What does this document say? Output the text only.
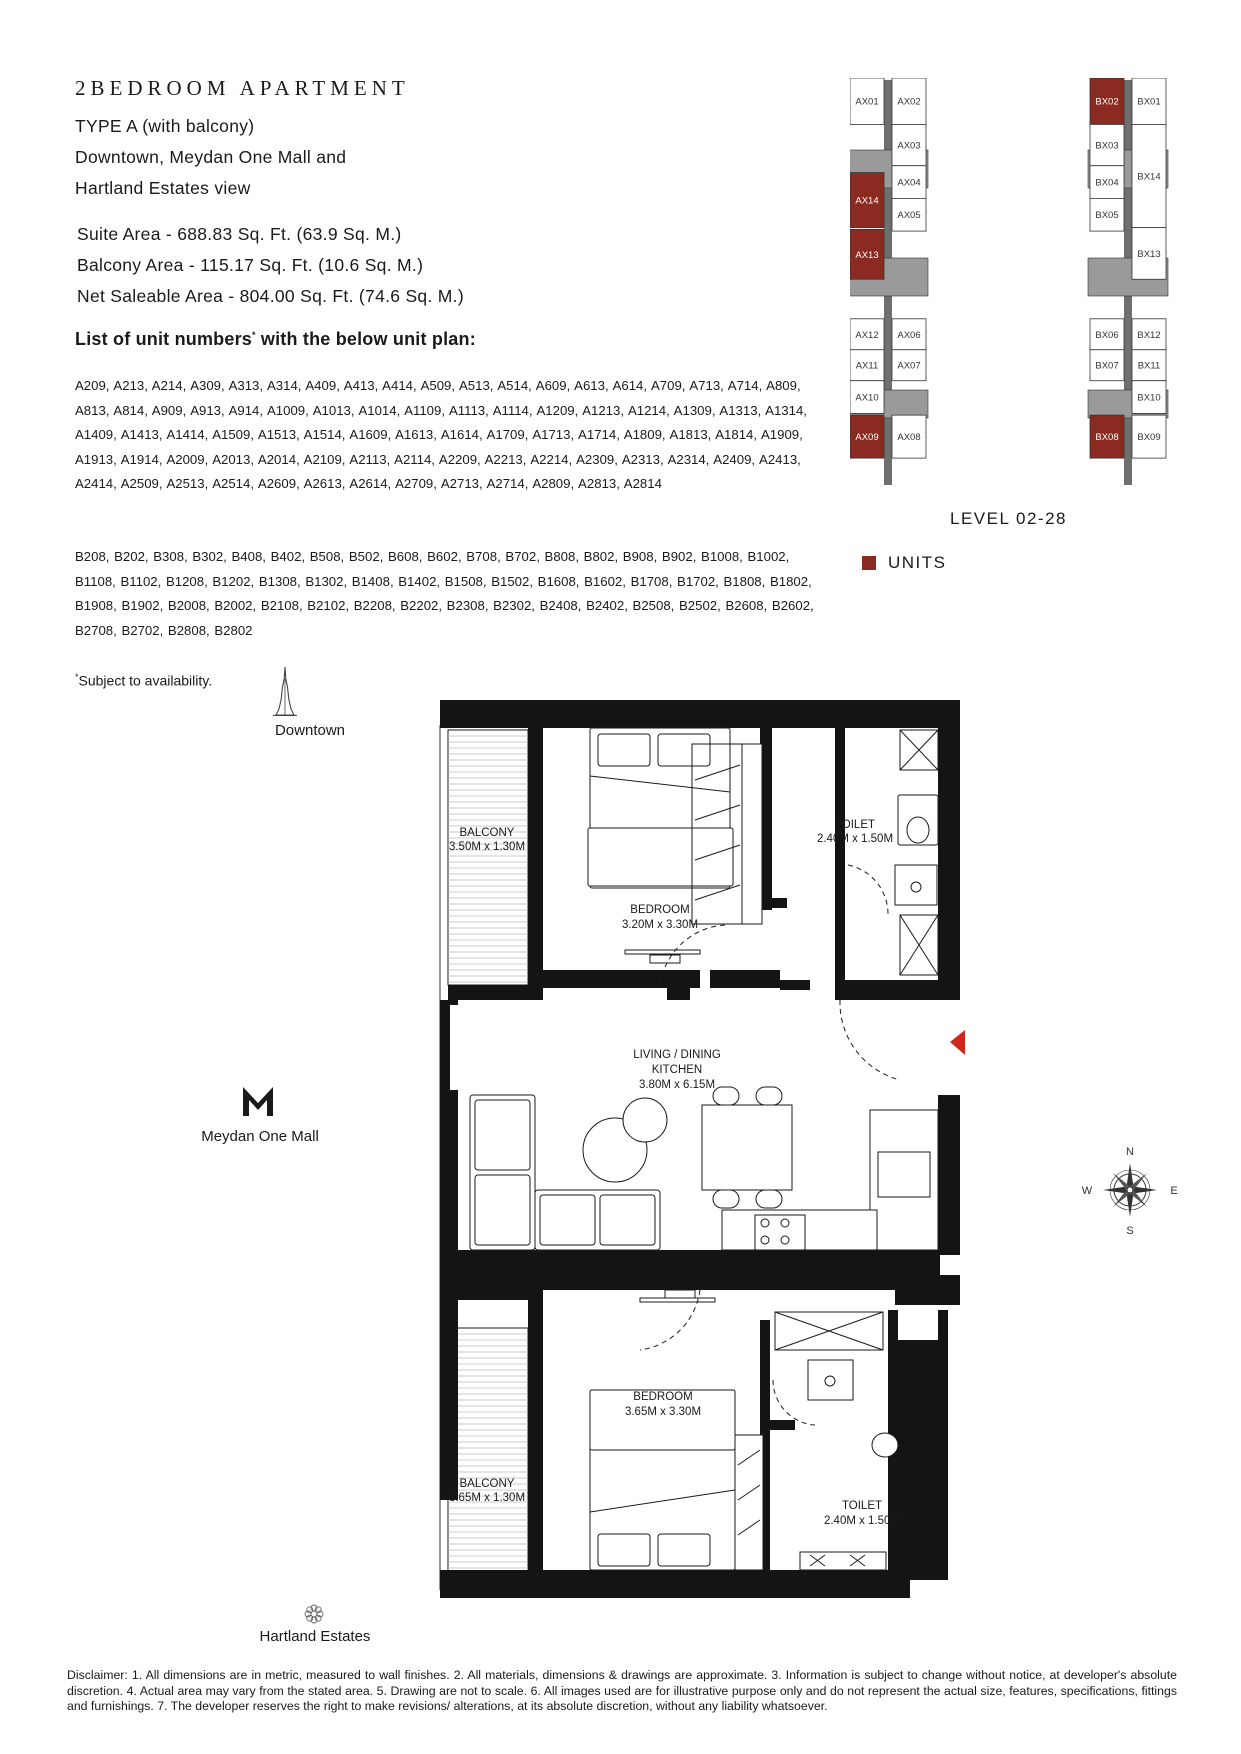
2BEDROOM APARTMENT
TYPE A (with balcony)
Downtown, Meydan One Mall and
Hartland Estates view
Suite Area - 688.83 Sq. Ft. (63.9 Sq. M.)
Balcony Area - 115.17 Sq. Ft. (10.6 Sq. M.)
Net Saleable Area - 804.00 Sq. Ft. (74.6 Sq. M.)
List of unit numbers* with the below unit plan:
A209, A213, A214, A309, A313, A314, A409, A413, A414, A509, A513, A514, A609, A613, A614, A709, A713, A714, A809, A813, A814, A909, A913, A914, A1009, A1013, A1014, A1109, A1113, A1114, A1209, A1213, A1214, A1309, A1313, A1314, A1409, A1413, A1414, A1509, A1513, A1514, A1609, A1613, A1614, A1709, A1713, A1714, A1809, A1813, A1814, A1909, A1913, A1914, A2009, A2013, A2014, A2109, A2113, A2114, A2209, A2213, A2214, A2309, A2313, A2314, A2409, A2413, A2414, A2509, A2513, A2514, A2609, A2613, A2614, A2709, A2713, A2714, A2809, A2813, A2814
B208, B202, B308, B302, B408, B402, B508, B502, B608, B602, B708, B702, B808, B802, B908, B902, B1008, B1002, B1108, B1102, B1208, B1202, B1308, B1302, B1408, B1402, B1508, B1502, B1608, B1602, B1708, B1702, B1808, B1802, B1908, B1902, B2008, B2002, B2108, B2102, B2208, B2202, B2308, B2302, B2408, B2402, B2508, B2502, B2608, B2602, B2708, B2702, B2808, B2802
*Subject to availability.
AX01
AX14
AX13
AX12
AX11
AX10
AX09
AX02
AX03
AX04
AX05
AX06
AX07
AX08
BX02
BX03
BX04
BX05
BX06
BX07
BX08
BX01
BX14
BX13
BX12
BX11
BX10
BX09
LEVEL 02-28
UNITS
Downtown
Meydan One Mall
Hartland Estates
N
S
E
W
BALCONY
3.50M x 1.30M
BEDROOM
3.20M x 3.30M
TOILET
2.40M x 1.50M
LIVING / DINING
KITCHEN
3.80M x 6.15M
BEDROOM
3.65M x 3.30M
BALCONY
3.65M x 1.30M
TOILET
2.40M x 1.50M
Disclaimer: 1. All dimensions are in metric, measured to wall finishes. 2. All materials, dimensions & drawings are approximate. 3. Information is subject to change without notice, at developer's absolute discretion. 4. Actual area may vary from the stated area. 5. Drawing are not to scale. 6. All images used are for illustrative purpose only and do not represent the actual size, features, specifications, fittings and furnishings. 7. The developer reserves the right to make revisions/ alterations, at its absolute discretion, without any liability whatsoever.
